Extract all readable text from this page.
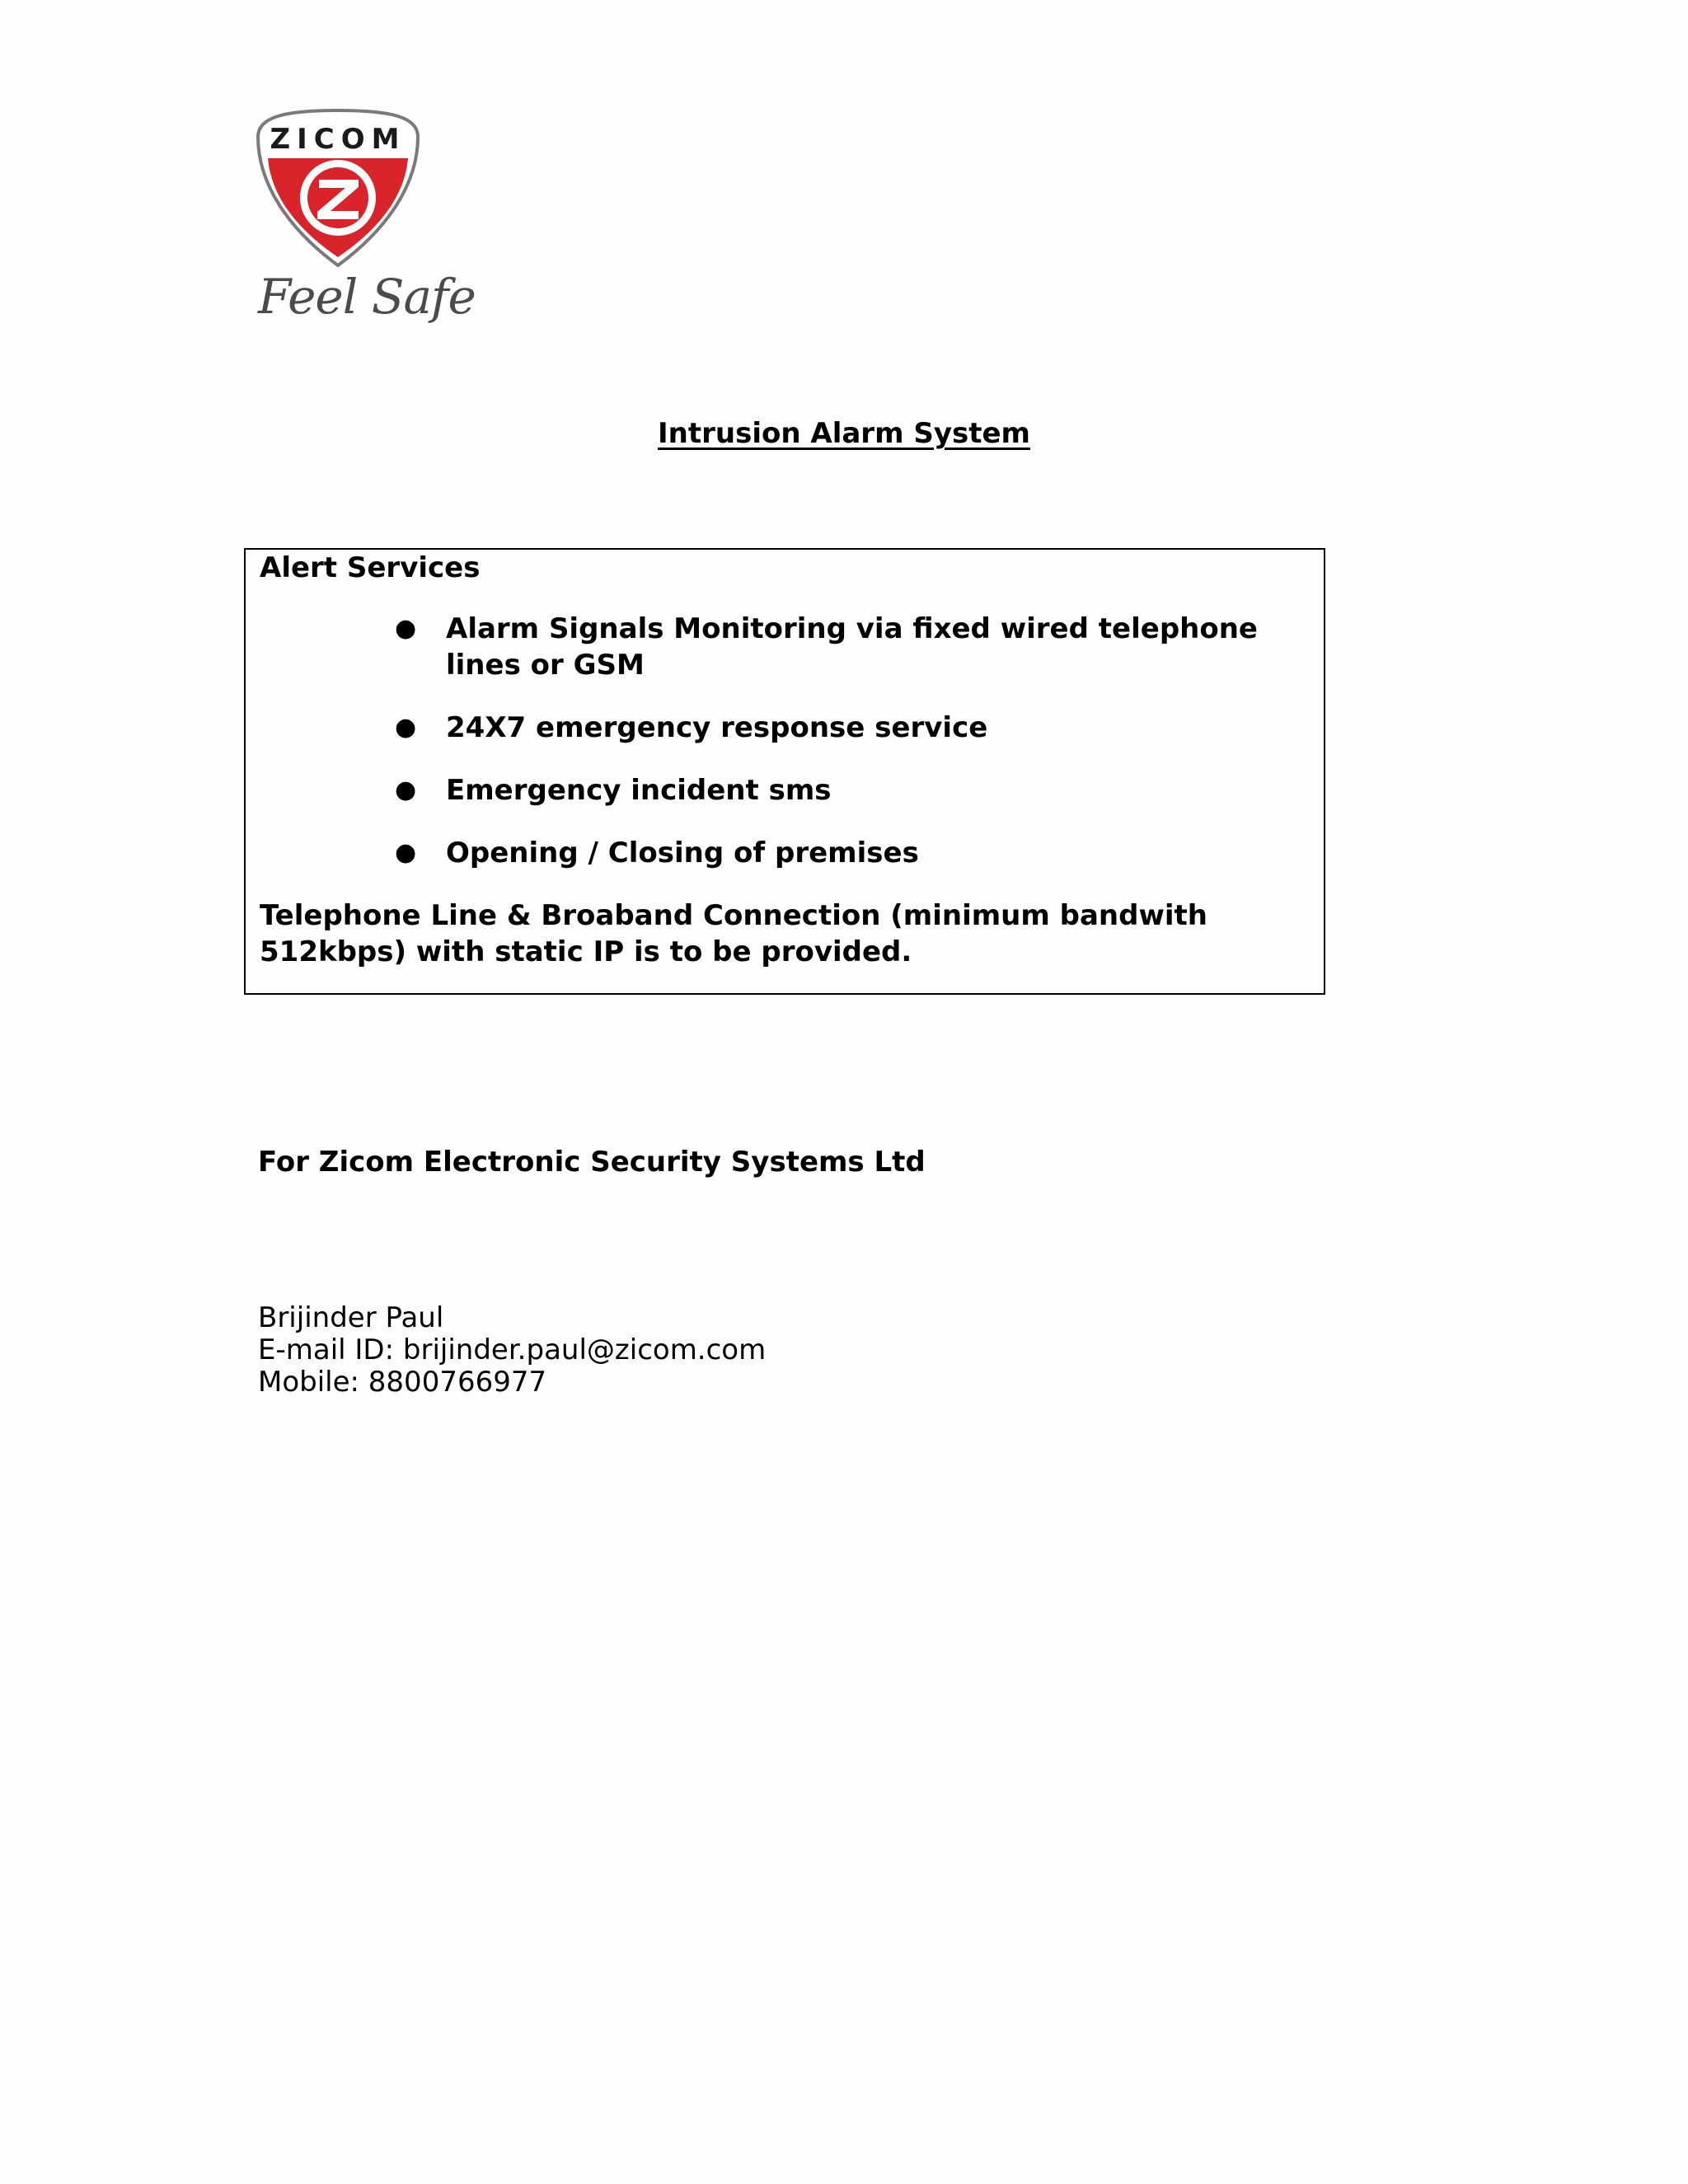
ZICOM
Feel Safe
Intrusion Alarm System
Alert Services
● Alarm Signals Monitoring via fixed wired telephone lines or GSM
● 24X7 emergency response service
● Emergency incident sms
● Opening / Closing of premises
Telephone Line & Broaband Connection (minimum bandwith 512kbps) with static IP is to be provided.
For Zicom Electronic Security Systems Ltd
Brijinder Paul
E-mail ID: brijinder.paul@zicom.com
Mobile: 8800766977
